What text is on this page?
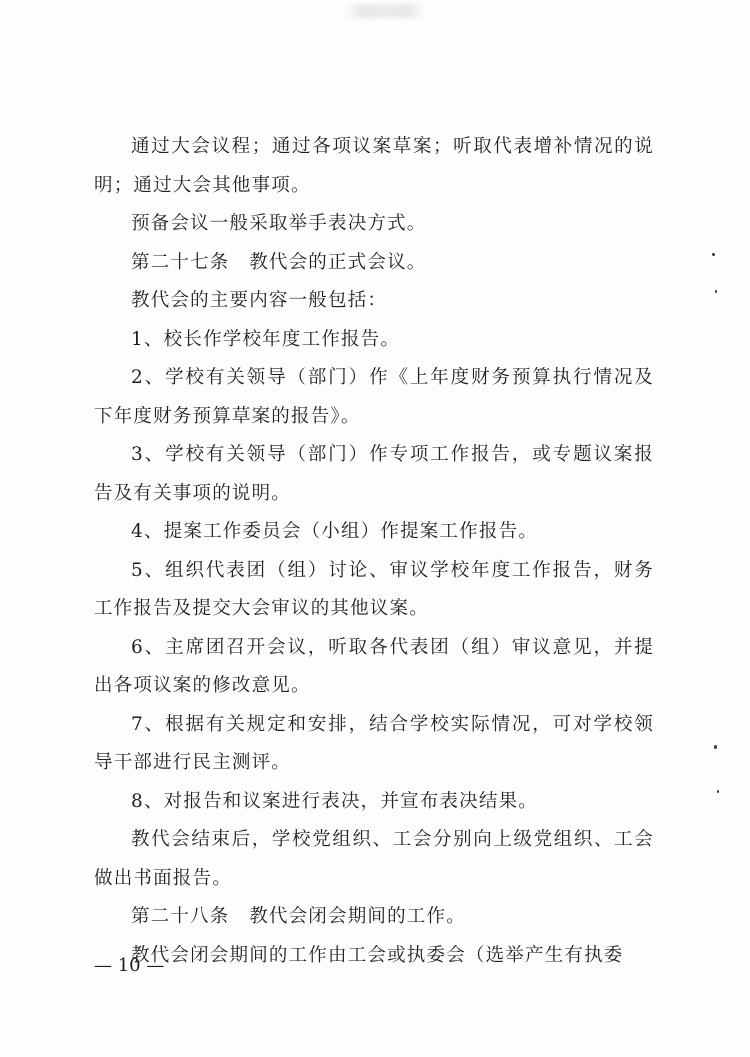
通过大会议程；通过各项议案草案；听取代表增补情况的说明；通过大会其他事项。

预备会议一般采取举手表决方式。

第二十七条　教代会的正式会议。

教代会的主要内容一般包括：

1、校长作学校年度工作报告。

2、学校有关领导（部门）作《上年度财务预算执行情况及下年度财务预算草案的报告》。

3、学校有关领导（部门）作专项工作报告，或专题议案报告及有关事项的说明。

4、提案工作委员会（小组）作提案工作报告。

5、组织代表团（组）讨论、审议学校年度工作报告，财务工作报告及提交大会审议的其他议案。

6、主席团召开会议，听取各代表团（组）审议意见，并提出各项议案的修改意见。

7、根据有关规定和安排，结合学校实际情况，可对学校领导干部进行民主测评。

8、对报告和议案进行表决，并宣布表决结果。

教代会结束后，学校党组织、工会分别向上级党组织、工会做出书面报告。

第二十八条　教代会闭会期间的工作。

教代会闭会期间的工作由工会或执委会（选举产生有执委

— 10 —
